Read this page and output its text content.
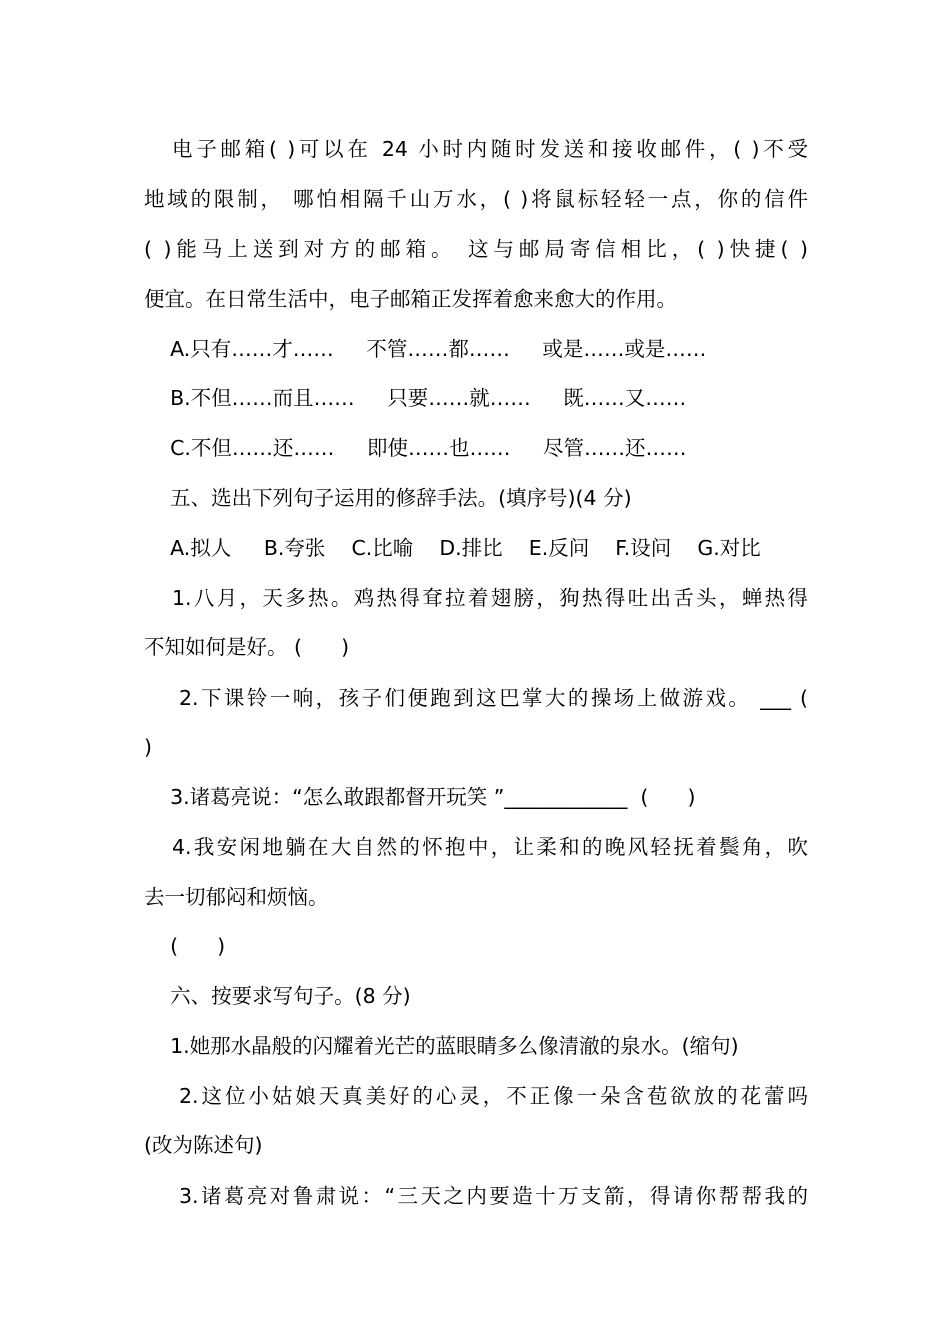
电子邮箱( )可以在 24 小时内随时发送和接收邮件，( )不受
地域的限制， 哪怕相隔千山万水，( )将鼠标轻轻一点，你的信件
( )能马上送到对方的邮箱。 这与邮局寄信相比，( )快捷( )
便宜。在日常生活中，电子邮箱正发挥着愈来愈大的作用。
A.只有……才……     不管……都……     或是……或是……
B.不但……而且……     只要……就……     既……又……
C.不但……还……     即使……也……     尽管……还……
五、选出下列句子运用的修辞手法。(填序号)(4 分)
A.拟人     B.夸张    C.比喻    D.排比    E.反问    F.设问    G.对比
1.八月，天多热。鸡热得耷拉着翅膀，狗热得吐出舌头，蝉热得
不知如何是好。 (      )
2.下课铃一响，孩子们便跑到这巴掌大的操场上做游戏。 ___ (
)
3.诸葛亮说：“怎么敢跟都督开玩笑 ”____________  (      )
4.我安闲地躺在大自然的怀抱中，让柔和的晚风轻抚着鬓角，吹
去一切郁闷和烦恼。
(      )
六、按要求写句子。(8 分)
1.她那水晶般的闪耀着光芒的蓝眼睛多么像清澈的泉水。(缩句)
2.这位小姑娘天真美好的心灵，不正像一朵含苞欲放的花蕾吗
(改为陈述句)
3.诸葛亮对鲁肃说：“三天之内要造十万支箭，得请你帮帮我的
